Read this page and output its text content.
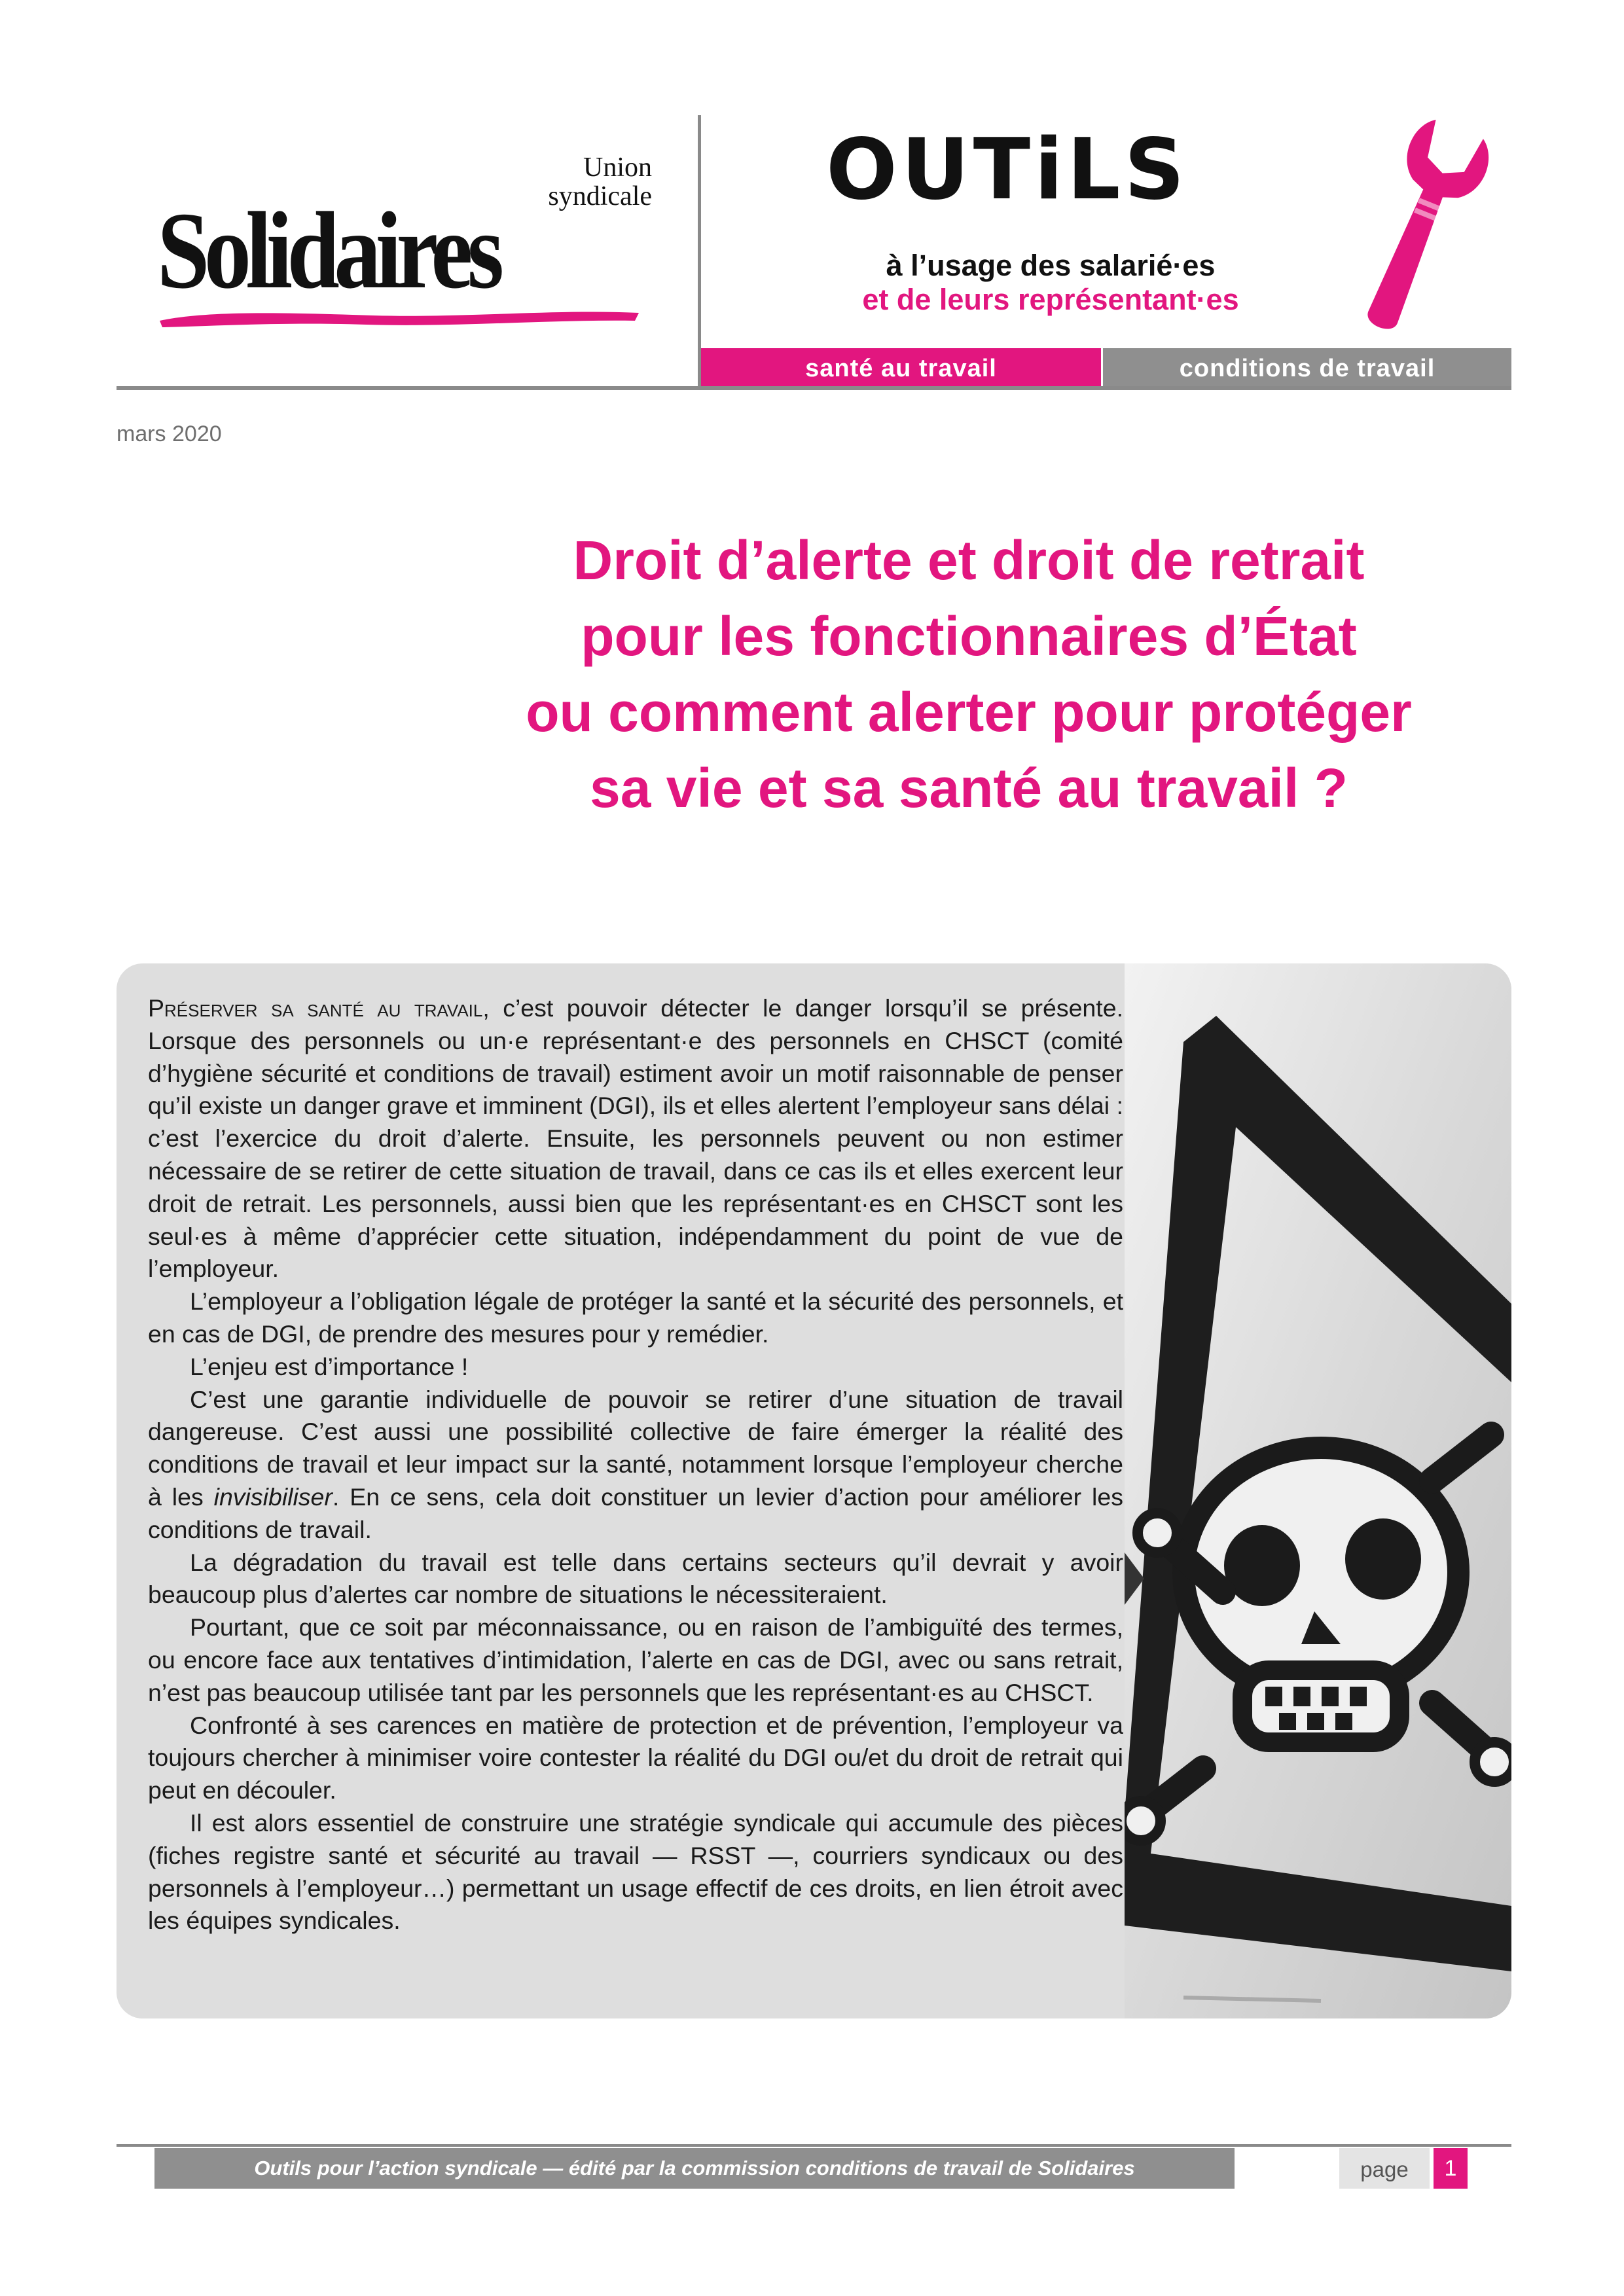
Union
syndicale
Solidaires
OUTiLS
à l’usage des salarié·es
et de leurs représentant·es
santé au travail	conditions de travail
mars 2020
Droit d’alerte et droit de retrait
pour les fonctionnaires d’État
ou comment alerter pour protéger
sa vie et sa santé au travail ?

Préserver sa santé au travail, c’est pouvoir détecter le danger lorsqu’il se présente. Lorsque des personnels ou un·e représentant·e des personnels en CHSCT (comité d’hygiène sécurité et conditions de travail) estiment avoir un motif raisonnable de penser qu’il existe un danger grave et imminent (DGI), ils et elles alertent l’employeur sans délai : c’est l’exercice du droit d’alerte. Ensuite, les personnels peuvent ou non estimer nécessaire de se retirer de cette situation de travail, dans ce cas ils et elles exercent leur droit de retrait. Les personnels, aussi bien que les représentant·es en CHSCT sont les seul·es à même d’apprécier cette situation, indépendamment du point de vue de l’employeur.

L’employeur a l’obligation légale de protéger la santé et la sécurité des personnels, et en cas de DGI, de prendre des mesures pour y remédier.

L’enjeu est d’importance !

C’est une garantie individuelle de pouvoir se retirer d’une situation de travail dangereuse. C’est aussi une possibilité collective de faire émerger la réalité des conditions de travail et leur impact sur la santé, notamment lorsque l’employeur cherche à les invisibiliser. En ce sens, cela doit constituer un levier d’action pour améliorer les conditions de travail.

La dégradation du travail est telle dans certains secteurs qu’il devrait y avoir beaucoup plus d’alertes car nombre de situations le nécessiteraient.

Pourtant, que ce soit par méconnaissance, ou en raison de l’ambiguïté des termes, ou encore face aux tentatives d’intimidation, l’alerte en cas de DGI, avec ou sans retrait, n’est pas beaucoup utilisée tant par les personnels que les représentant·es au CHSCT.

Confronté à ses carences en matière de protection et de prévention, l’employeur va toujours chercher à minimiser voire contester la réalité du DGI ou/et du droit de retrait qui peut en découler.

Il est alors essentiel de construire une stratégie syndicale qui accumule des pièces (fiches registre santé et sécurité au travail — RSST —, courriers syndicaux ou des personnels à l’employeur…) permettant un usage effectif de ces droits, en lien étroit avec les équipes syndicales.

Outils pour l’action syndicale — édité par la commission conditions de travail de Solidaires	page	1
